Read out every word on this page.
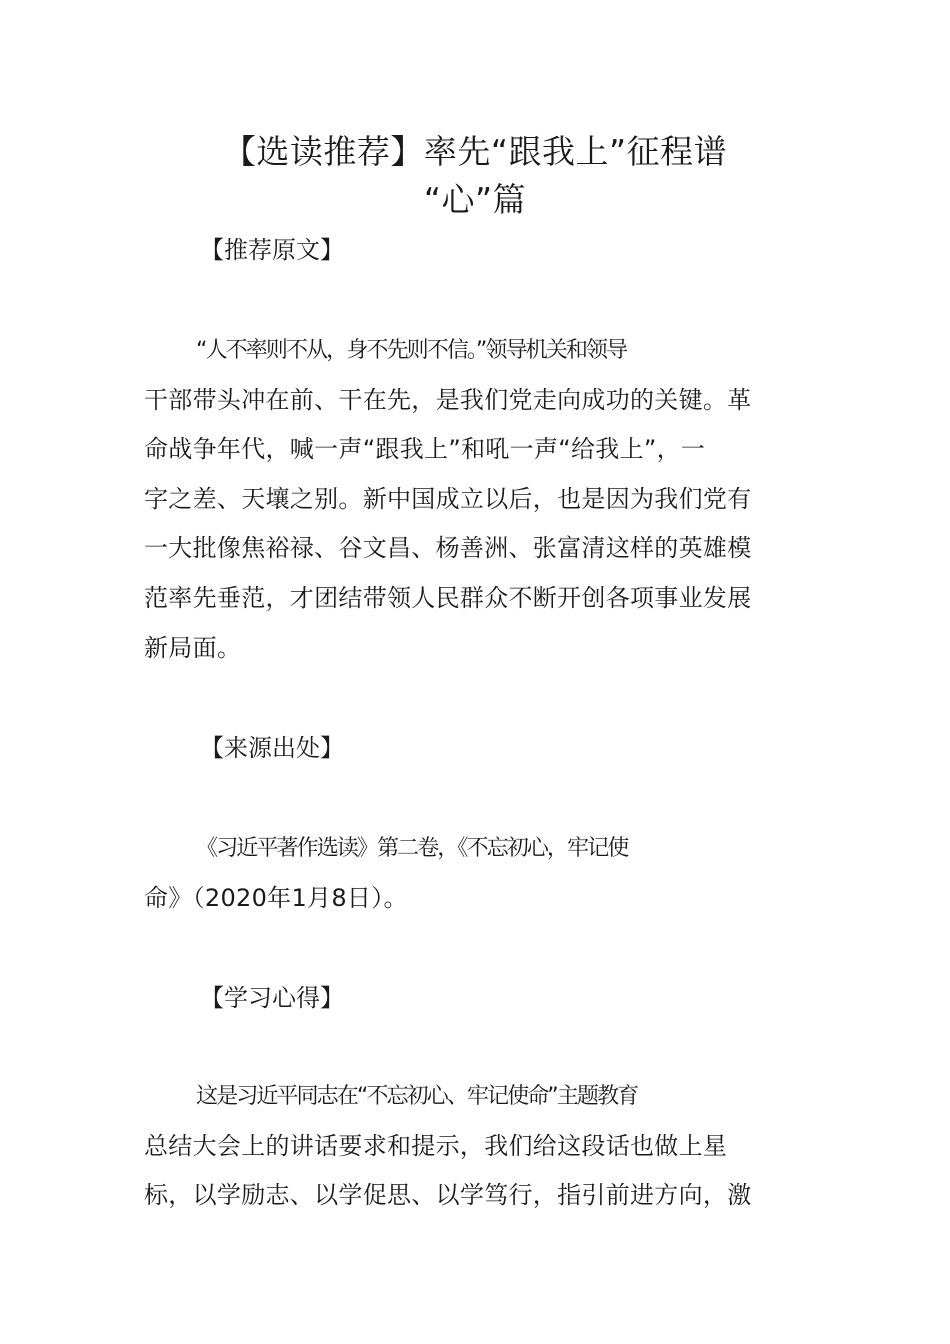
【选读推荐】率先“跟我上”征程谱
“心”篇
【推荐原文】

“人不率则不从，身不先则不信。”领导机关和领导
干部带头冲在前、干在先，是我们党走向成功的关键。革
命战争年代，喊一声“跟我上”和吼一声“给我上”，一
字之差、天壤之别。新中国成立以后，也是因为我们党有
一大批像焦裕禄、谷文昌、杨善洲、张富清这样的英雄模
范率先垂范，才团结带领人民群众不断开创各项事业发展
新局面。

【来源出处】

《习近平著作选读》第二卷，《不忘初心，牢记使
命》（2020年1月8日）。

【学习心得】

这是习近平同志在“不忘初心、牢记使命”主题教育
总结大会上的讲话要求和提示，我们给这段话也做上星
标，以学励志、以学促思、以学笃行，指引前进方向，激
